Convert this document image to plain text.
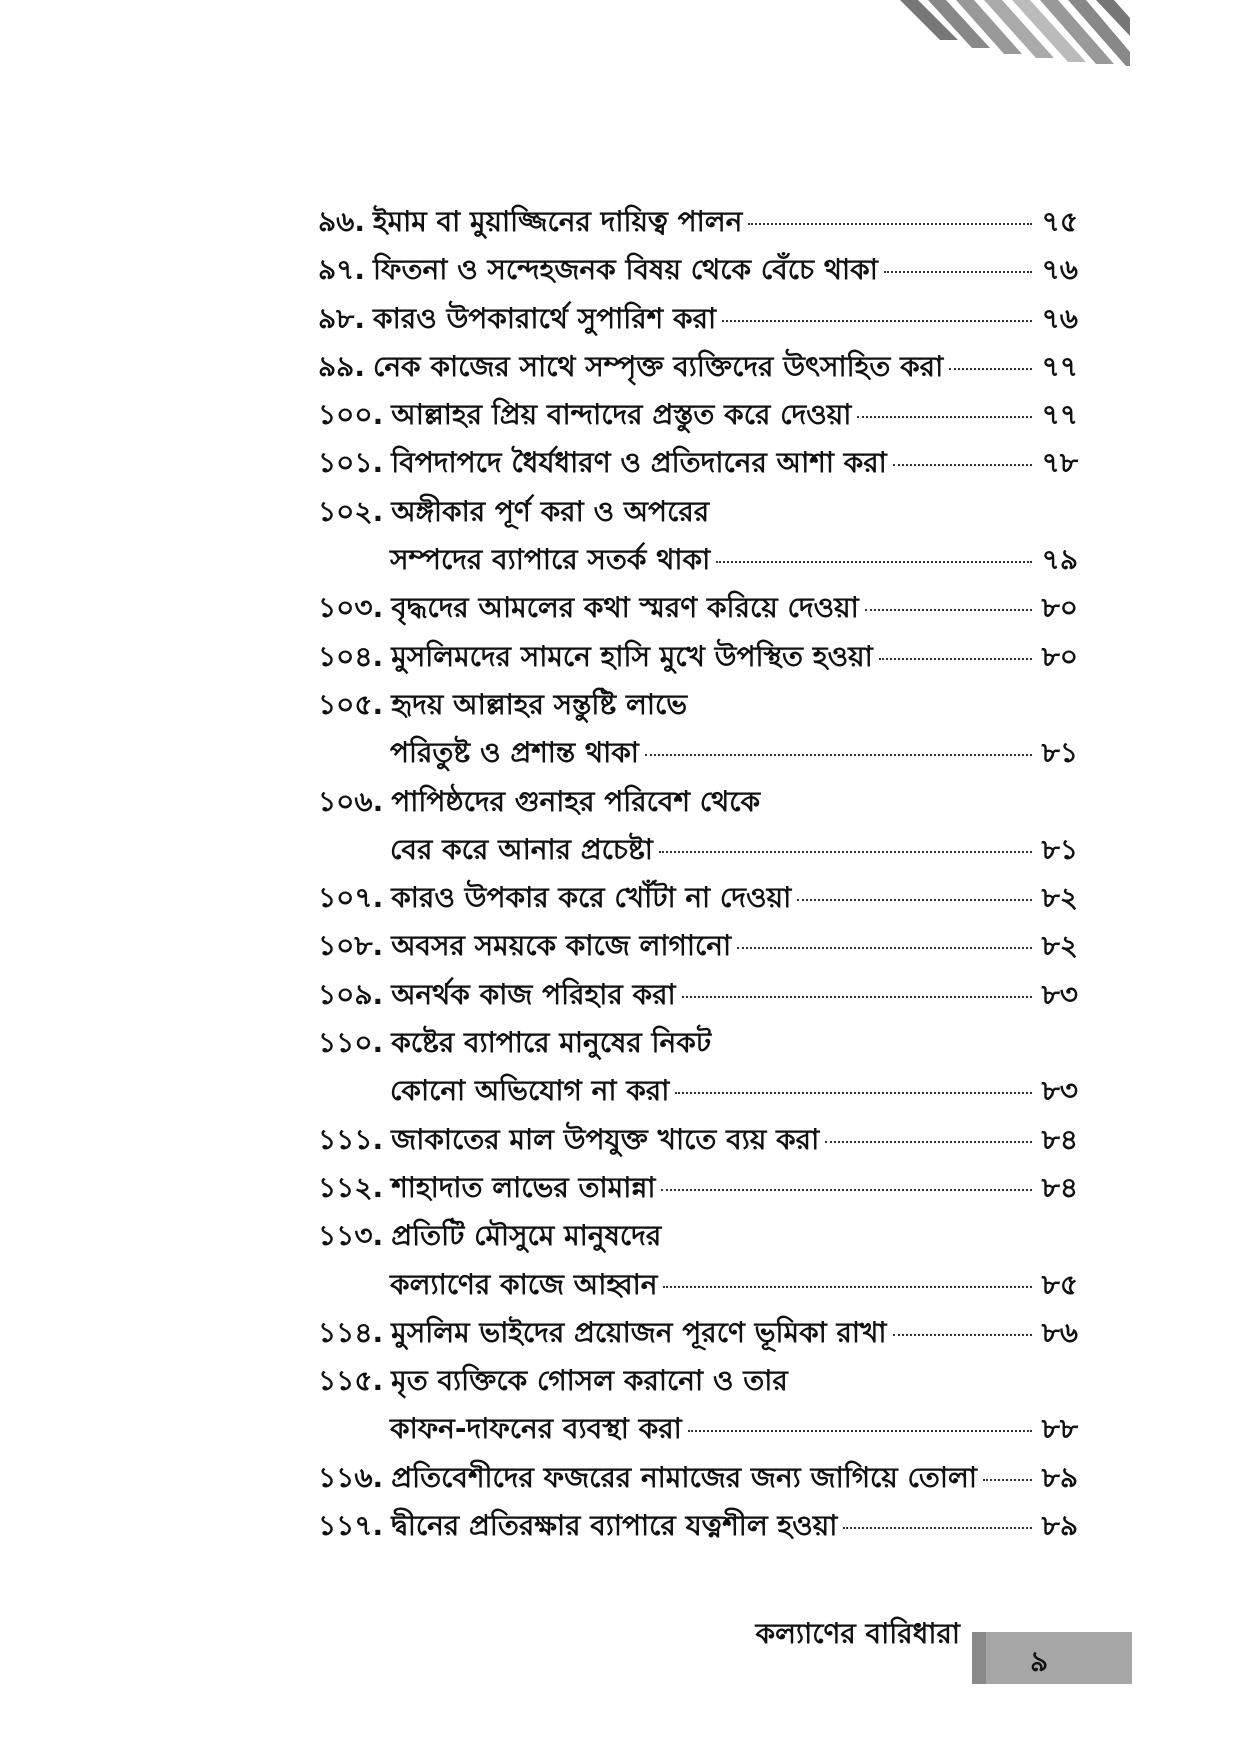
৯৬. ইমাম বা মুয়াজ্জিনের দায়িত্ব পালন	৭৫
৯৭. ফিতনা ও সন্দেহজনক বিষয় থেকে বেঁচে থাকা	৭৬
৯৮. কারও উপকারার্থে সুপারিশ করা	৭৬
৯৯. নেক কাজের সাথে সম্পৃক্ত ব্যক্তিদের উৎসাহিত করা	৭৭
১০০. আল্লাহর প্রিয় বান্দাদের প্রস্তুত করে দেওয়া	৭৭
১০১. বিপদাপদে ধৈর্যধারণ ও প্রতিদানের আশা করা	৭৮
১০২. অঙ্গীকার পূর্ণ করা ও অপরের
সম্পদের ব্যাপারে সতর্ক থাকা	৭৯
১০৩. বৃদ্ধদের আমলের কথা স্মরণ করিয়ে দেওয়া	৮০
১০৪. মুসলিমদের সামনে হাসি মুখে উপস্থিত হওয়া	৮০
১০৫. হৃদয় আল্লাহর সন্তুষ্টি লাভে
পরিতুষ্ট ও প্রশান্ত থাকা	৮১
১০৬. পাপিষ্ঠদের গুনাহর পরিবেশ থেকে
বের করে আনার প্রচেষ্টা	৮১
১০৭. কারও উপকার করে খোঁটা না দেওয়া	৮২
১০৮. অবসর সময়কে কাজে লাগানো	৮২
১০৯. অনর্থক কাজ পরিহার করা	৮৩
১১০. কষ্টের ব্যাপারে মানুষের নিকট
কোনো অভিযোগ না করা	৮৩
১১১. জাকাতের মাল উপযুক্ত খাতে ব্যয় করা	৮৪
১১২. শাহাদাত লাভের তামান্না	৮৪
১১৩. প্রতিটি মৌসুমে মানুষদের
কল্যাণের কাজে আহ্বান	৮৫
১১৪. মুসলিম ভাইদের প্রয়োজন পূরণে ভূমিকা রাখা	৮৬
১১৫. মৃত ব্যক্তিকে গোসল করানো ও তার
কাফন-দাফনের ব্যবস্থা করা	৮৮
১১৬. প্রতিবেশীদের ফজরের নামাজের জন্য জাগিয়ে তোলা ৮৯
১১৭. দ্বীনের প্রতিরক্ষার ব্যাপারে যত্নশীল হওয়া	৮৯
কল্যাণের বারিধারা
৯
